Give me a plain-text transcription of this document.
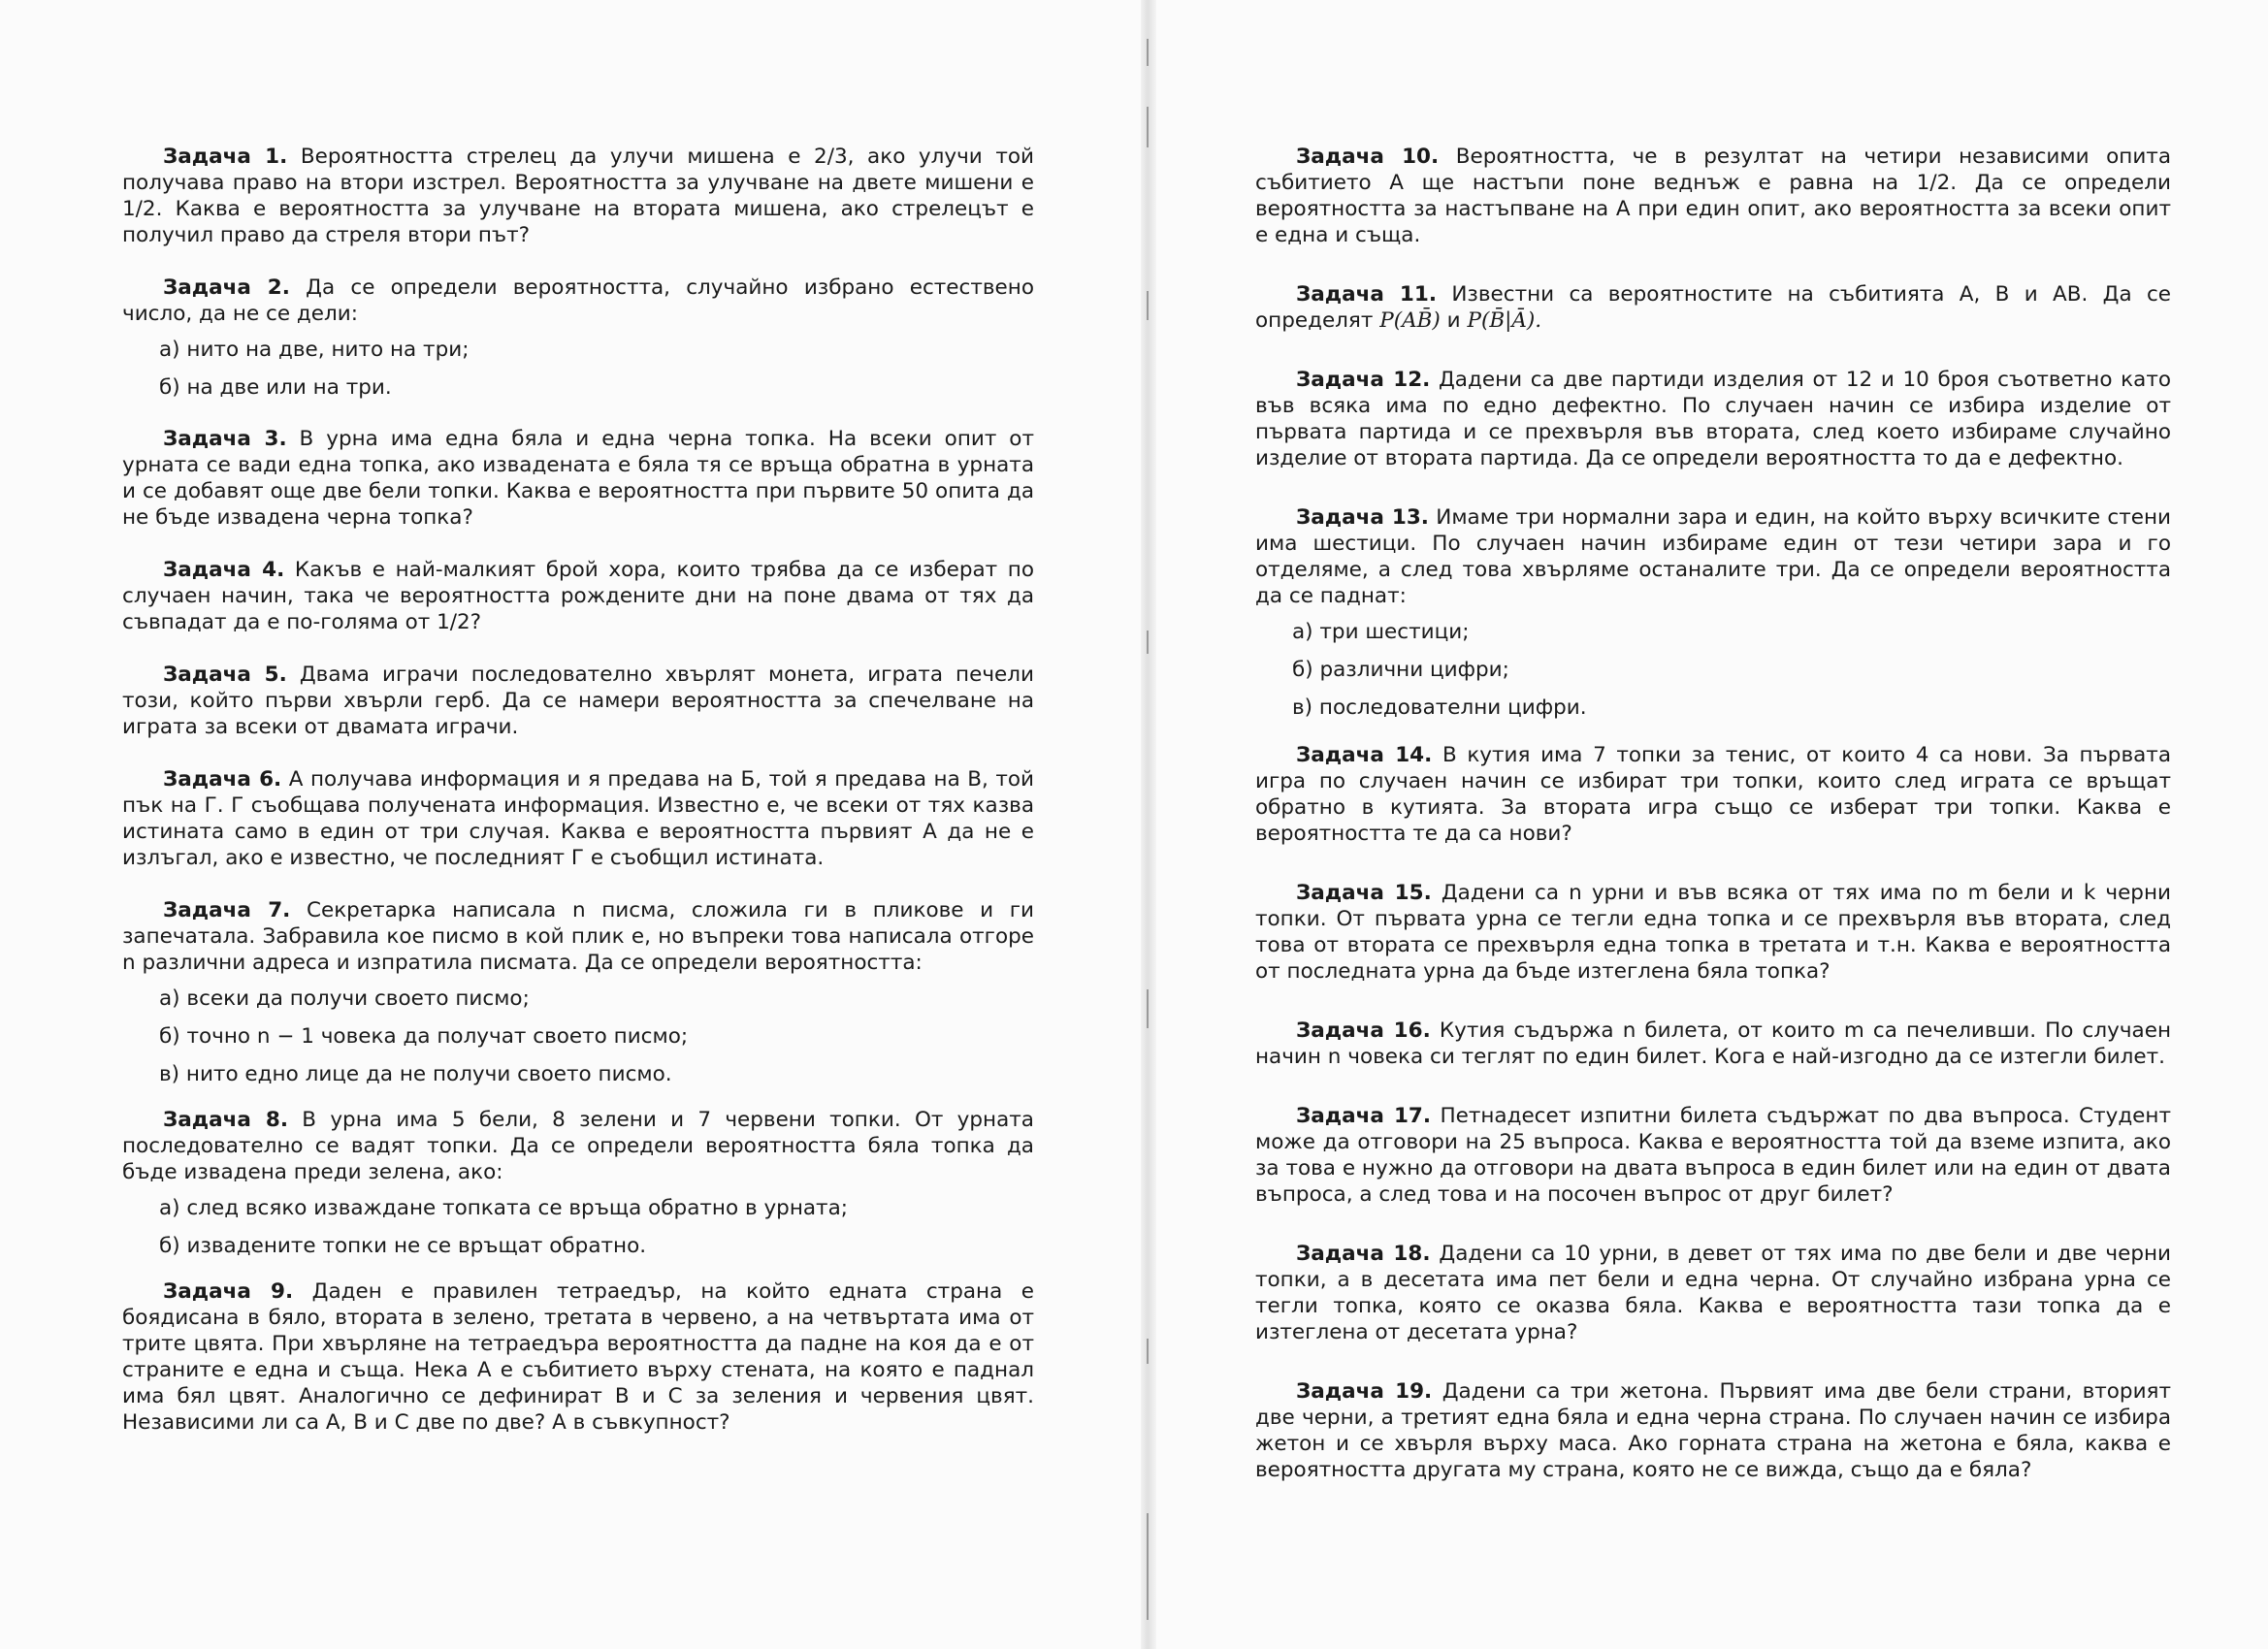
Задача 1. Вероятността стрелец да улучи мишена е 2/3, ако улучи той получава право на втори изстрел. Вероятността за улучване на двете мишени е 1/2. Каква е вероятността за улучване на втората мишена, ако стрелецът е получил право да стреля втори път?

Задача 2. Да се определи вероятността, случайно избрано естествено число, да не се дели:

а) нито на две, нито на три;
б) на две или на три.

Задача 3. В урна има една бяла и една черна топка. На всеки опит от урната се вади една топка, ако извадената е бяла тя се връща обратна в урната и се добавят още две бели топки. Каква е вероятността при първите 50 опита да не бъде извадена черна топка?

Задача 4. Какъв е най-малкият брой хора, които трябва да се изберат по случаен начин, така че вероятността рождените дни на поне двама от тях да съвпадат да е по-голяма от 1/2?

Задача 5. Двама играчи последователно хвърлят монета, играта печели този, който първи хвърли герб. Да се намери вероятността за спечелване на играта за всеки от двамата играчи.

Задача 6. А получава информация и я предава на Б, той я предава на В, той пък на Г. Г съобщава получената информация. Известно е, че всеки от тях казва истината само в един от три случая. Каква е вероятността първият А да не е излъгал, ако е известно, че последният Г е съобщил истината.

Задача 7. Секретарка написала n писма, сложила ги в пликове и ги запечатала. Забравила кое писмо в кой плик е, но въпреки това написала отгоре n различни адреса и изпратила писмата. Да се определи вероятността:

а) всеки да получи своето писмо;
б) точно n − 1 човека да получат своето писмо;
в) нито едно лице да не получи своето писмо.

Задача 8. В урна има 5 бели, 8 зелени и 7 червени топки. От урната последователно се вадят топки. Да се определи вероятността бяла топка да бъде извадена преди зелена, ако:

а) след всяко изваждане топката се връща обратно в урната;
б) извадените топки не се връщат обратно.

Задача 9. Даден е правилен тетраедър, на който едната страна е боядисана в бяло, втората в зелено, третата в червено, а на четвъртата има от трите цвята. При хвърляне на тетраедъра вероятността да падне на коя да е от страните е една и съща. Нека А е събитието върху стената, на която е паднал има бял цвят. Аналогично се дефинират В и С за зеления и червения цвят. Независими ли са А, В и С две по две? А в съвкупност?

Задача 10. Вероятността, че в резултат на четири независими опита събитието А ще настъпи поне веднъж е равна на 1/2. Да се определи вероятността за настъпване на А при един опит, ако вероятността за всеки опит е една и съща.

Задача 11. Известни са вероятностите на събитията А, В и АВ. Да се определят P(AB̄) и P(B̄|Ā).

Задача 12. Дадени са две партиди изделия от 12 и 10 броя съответно като във всяка има по едно дефектно. По случаен начин се избира изделие от първата партида и се прехвърля във втората, след което избираме случайно изделие от втората партида. Да се определи вероятността то да е дефектно.

Задача 13. Имаме три нормални зара и един, на който върху всичките стени има шестици. По случаен начин избираме един от тези четири зара и го отделяме, а след това хвърляме останалите три. Да се определи вероятността да се паднат:

а) три шестици;
б) различни цифри;
в) последователни цифри.

Задача 14. В кутия има 7 топки за тенис, от които 4 са нови. За първата игра по случаен начин се избират три топки, които след играта се връщат обратно в кутията. За втората игра също се изберат три топки. Каква е вероятността те да са нови?

Задача 15. Дадени са n урни и във всяка от тях има по m бели и k черни топки. От първата урна се тегли една топка и се прехвърля във втората, след това от втората се прехвърля една топка в третата и т.н. Каква е вероятността от последната урна да бъде изтеглена бяла топка?

Задача 16. Кутия съдържа n билета, от които m са печеливши. По случаен начин n човека си теглят по един билет. Кога е най-изгодно да се изтегли билет.

Задача 17. Петнадесет изпитни билета съдържат по два въпроса. Студент може да отговори на 25 въпроса. Каква е вероятността той да вземе изпита, ако за това е нужно да отговори на двата въпроса в един билет или на един от двата въпроса, а след това и на посочен въпрос от друг билет?

Задача 18. Дадени са 10 урни, в девет от тях има по две бели и две черни топки, а в десетата има пет бели и една черна. От случайно избрана урна се тегли топка, която се оказва бяла. Каква е вероятността тази топка да е изтеглена от десетата урна?

Задача 19. Дадени са три жетона. Първият има две бели страни, вторият две черни, а третият една бяла и една черна страна. По случаен начин се избира жетон и се хвърля върху маса. Ако горната страна на жетона е бяла, каква е вероятността другата му страна, която не се вижда, също да е бяла?
